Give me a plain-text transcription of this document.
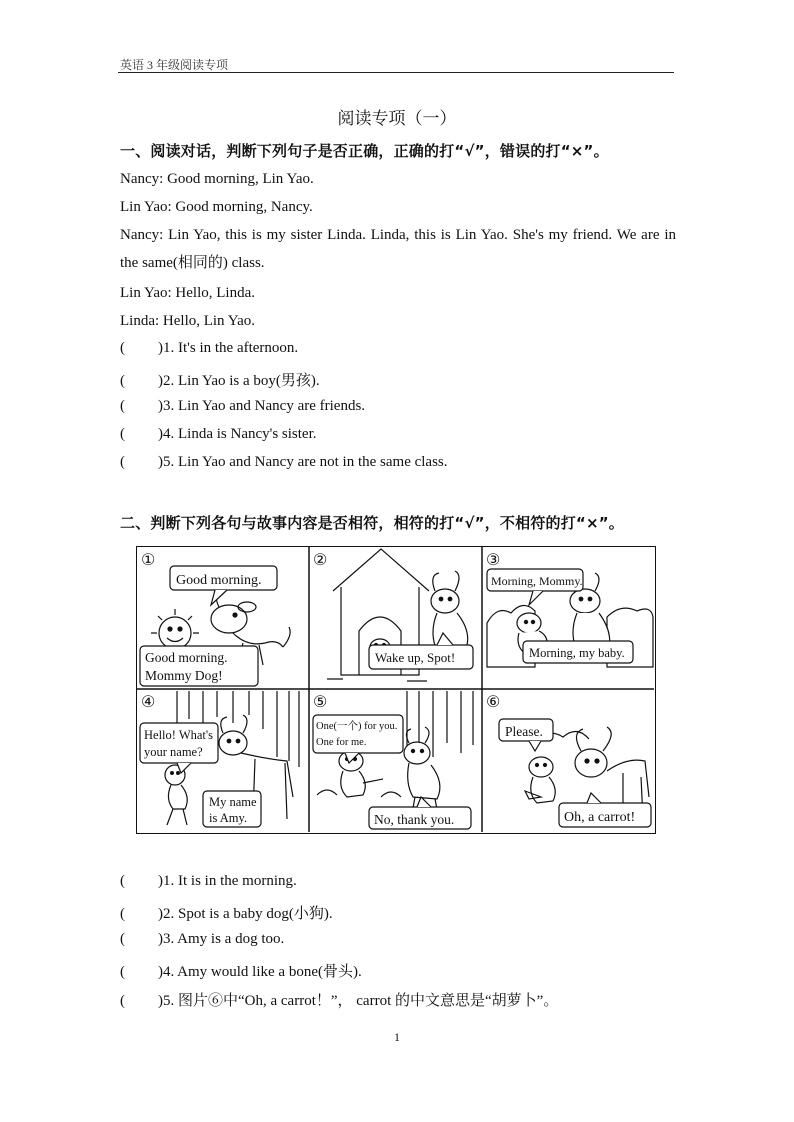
英语 3 年级阅读专项
阅读专项（一）
一、阅读对话，判断下列句子是否正确，正确的打“√”，错误的打“×”。
Nancy: Good morning, Lin Yao.
Lin Yao: Good morning, Nancy.
Nancy: Lin Yao, this is my sister Linda. Linda, this is Lin Yao. She's my friend. We are in the same(相同的) class.
Lin Yao: Hello, Linda.
Linda: Hello, Lin Yao.
( )1. It's in the afternoon.
( )2. Lin Yao is a boy(男孩).
( )3. Lin Yao and Nancy are friends.
( )4. Linda is Nancy's sister.
( )5. Lin Yao and Nancy are not in the same class.
二、判断下列各句与故事内容是否相符，相符的打“√”，不相符的打“×”。
①
Good morning.
Good morning.
Mommy Dog!
②
Wake up, Spot!
③
Morning, Mommy.
Morning, my baby.
④
Hello! What's
your name?
My name
is Amy.
⑤
One(一个) for you.
One for me.
No, thank you.
⑥
Please.
Oh, a carrot!
( )1. It is in the morning.
( )2. Spot is a baby dog(小狗).
( )3. Amy is a dog too.
( )4. Amy would like a bone(骨头).
( )5. 图片⑥中“Oh, a carrot！”， carrot 的中文意思是“胡萝卜”。
1
